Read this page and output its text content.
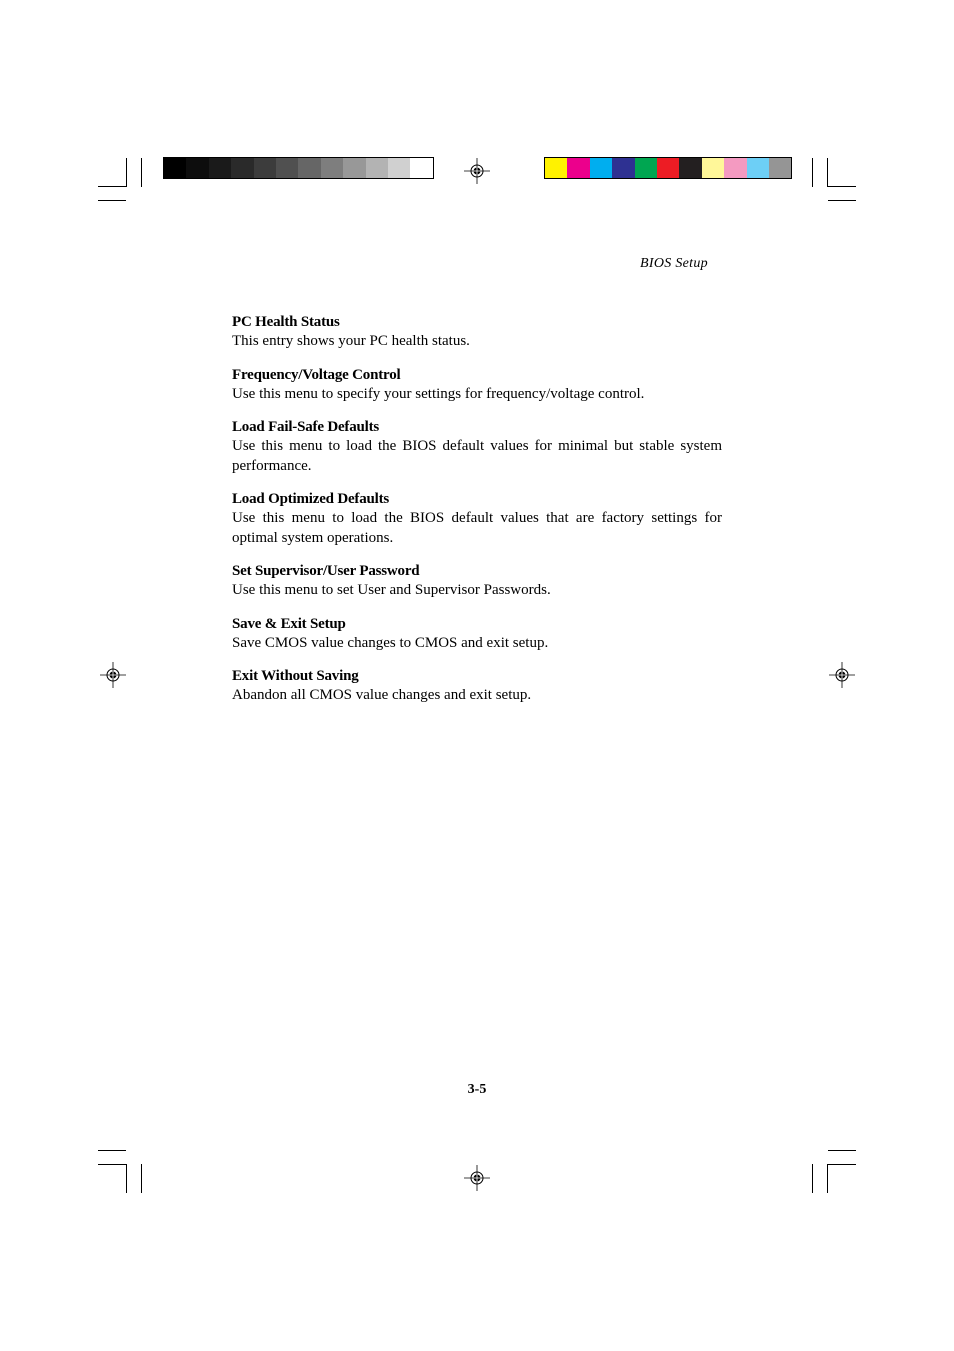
BIOS Setup
PC Health Status
This entry shows your PC health status.
Frequency/Voltage Control
Use this menu to specify your settings for frequency/voltage control.
Load Fail-Safe Defaults
Use this menu to load the BIOS default values for minimal but stable system performance.
Load Optimized Defaults
Use this menu to load the BIOS default values that are factory settings for optimal system operations.
Set Supervisor/User Password
Use this menu to set User and Supervisor Passwords.
Save & Exit Setup
Save CMOS value changes to CMOS and exit setup.
Exit Without Saving
Abandon all CMOS value changes and exit setup.
3-5
